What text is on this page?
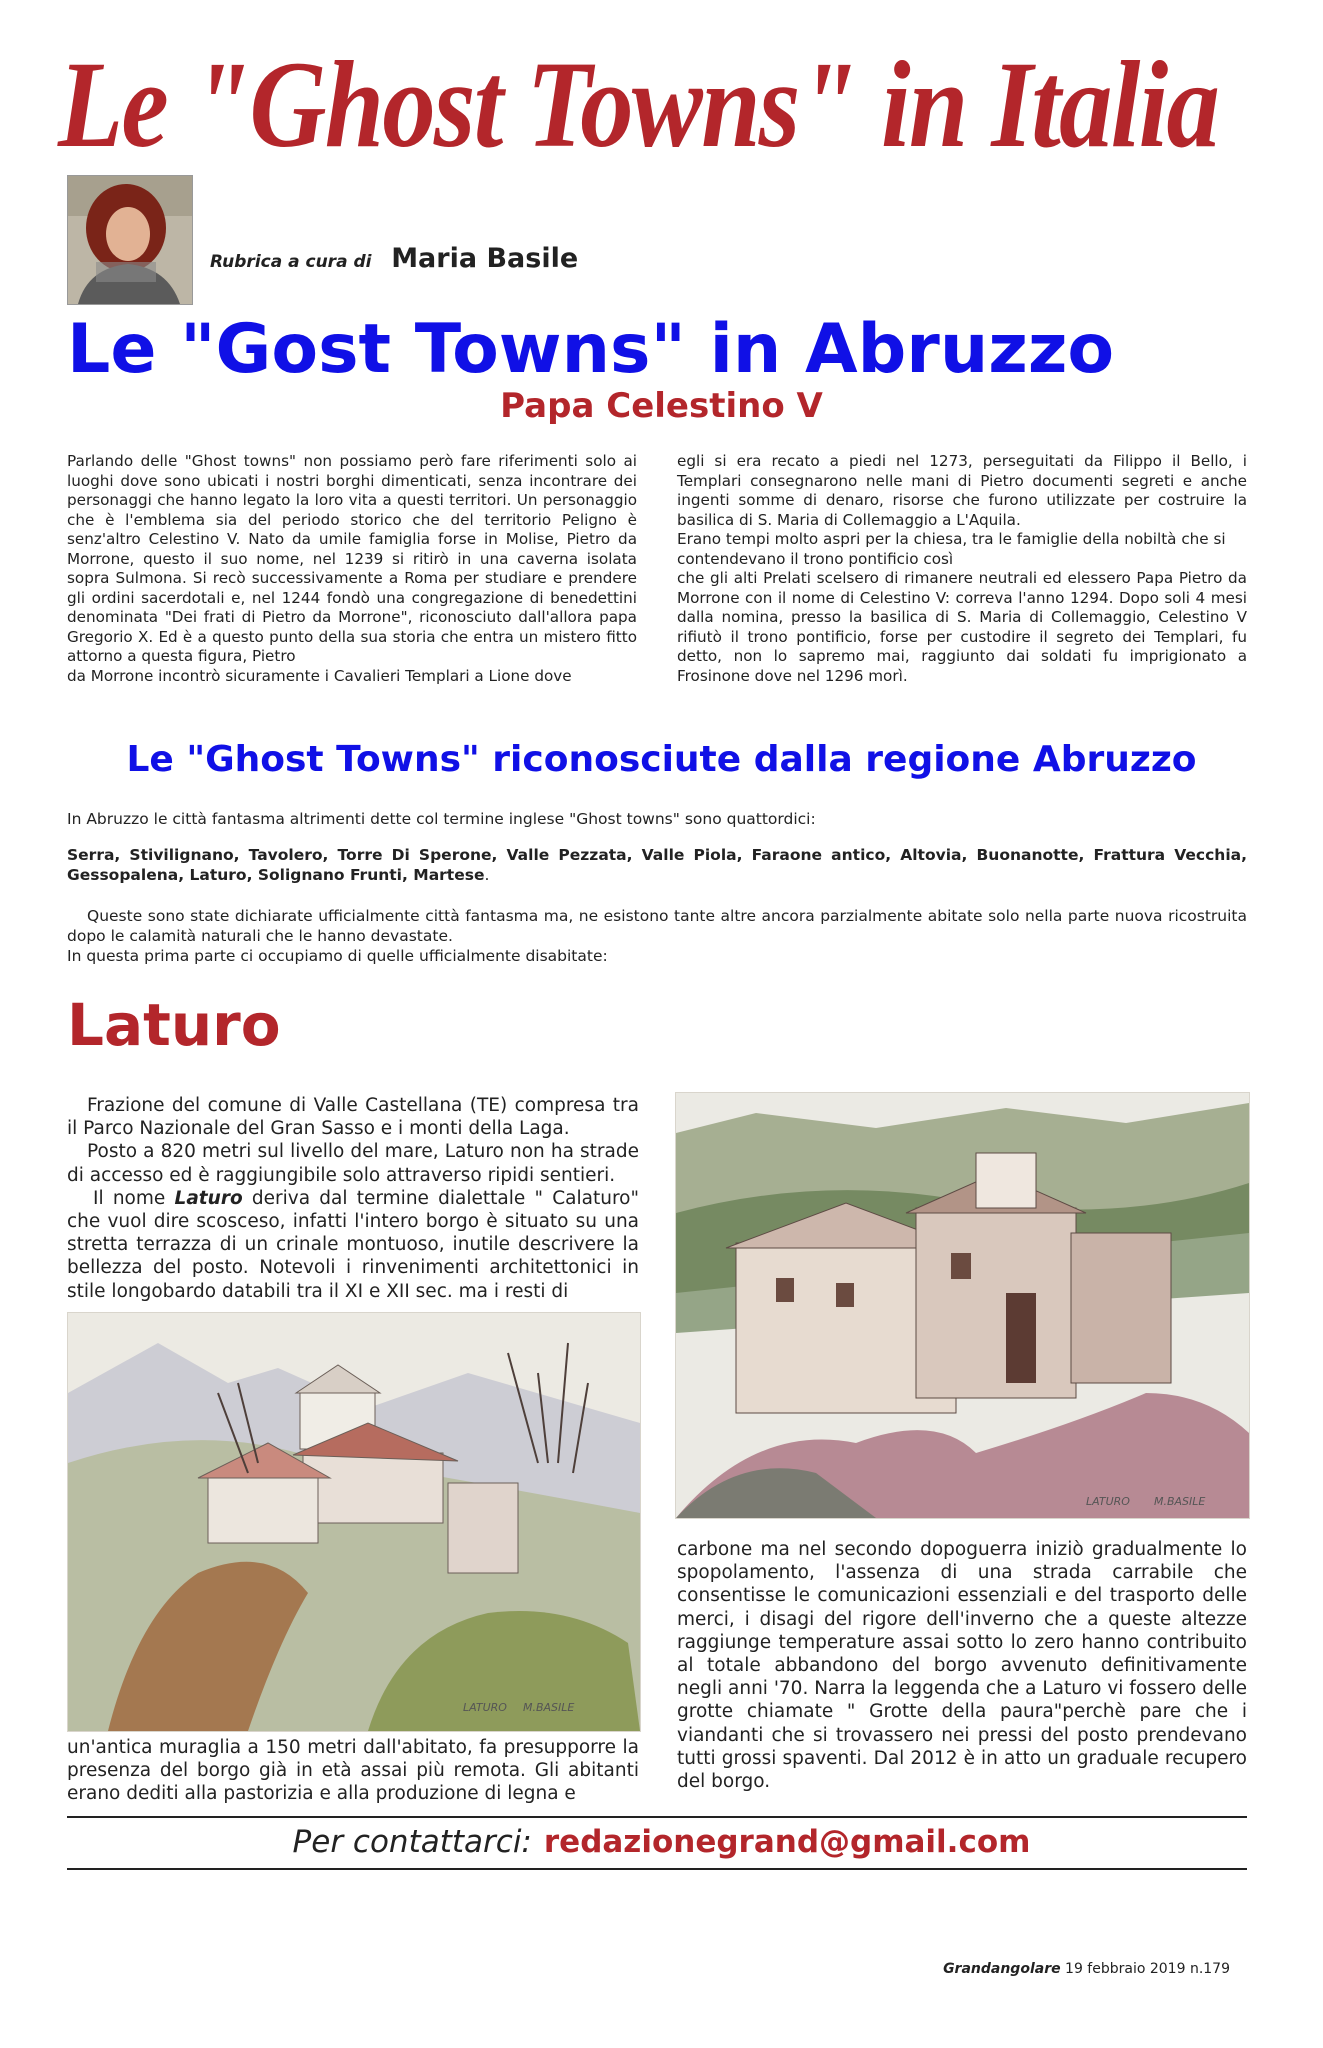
Le "Ghost Towns" in Italia
Rubrica a cura di Maria Basile
Le "Gost Towns" in Abruzzo
Papa Celestino V

Parlando delle "Ghost towns" non possiamo però fare riferimenti solo ai luoghi dove sono ubicati i nostri borghi dimenticati, senza incontrare dei personaggi che hanno legato la loro vita a questi territori. Un personaggio che è l'emblema sia del periodo storico che del territorio Peligno è senz'altro Celestino V. Nato da umile famiglia forse in Molise, Pietro da Morrone, questo il suo nome, nel 1239 si ritirò in una caverna isolata sopra Sulmona. Si recò successivamente a Roma per studiare e prendere gli ordini sacerdotali e, nel 1244 fondò una congregazione di benedettini denominata "Dei frati di Pietro da Morrone", riconosciuto dall'allora papa Gregorio X. Ed è a questo punto della sua storia che entra un mistero fitto attorno a questa figura, Pietro

da Morrone incontrò sicuramente i Cavalieri Templari a Lione dove

egli si era recato a piedi nel 1273, perseguitati da Filippo il Bello, i Templari consegnarono nelle mani di Pietro documenti segreti e anche ingenti somme di denaro, risorse che furono utilizzate per costruire la basilica di S. Maria di Collemaggio a L'Aquila.

Erano tempi molto aspri per la chiesa, tra le famiglie della nobiltà che si contendevano il trono pontificio così

che gli alti Prelati scelsero di rimanere neutrali ed elessero Papa Pietro da Morrone con il nome di Celestino V: correva l'anno 1294. Dopo soli 4 mesi dalla nomina, presso la basilica di S. Maria di Collemaggio, Celestino V rifiutò il trono pontificio, forse per custodire il segreto dei Templari, fu detto, non lo sapremo mai, raggiunto dai soldati fu imprigionato a Frosinone dove nel 1296 morì.

Le "Ghost Towns" riconosciute dalla regione Abruzzo
In Abruzzo le città fantasma altrimenti dette col termine inglese "Ghost towns" sono quattordici:
Serra, Stivilignano, Tavolero, Torre Di Sperone, Valle Pezzata, Valle Piola, Faraone antico, Altovia, Buonanotte, Frattura Vecchia, Gessopalena, Laturo, Solignano Frunti, Martese.

Queste sono state dichiarate ufficialmente città fantasma ma, ne esistono tante altre ancora parzialmente abitate solo nella parte nuova ricostruita dopo le calamità naturali che le hanno devastate.

In questa prima parte ci occupiamo di quelle ufficialmente disabitate:

Laturo

Frazione del comune di Valle Castellana (TE) compresa tra il Parco Nazionale del Gran Sasso e i monti della Laga.

Posto a 820 metri sul livello del mare, Laturo non ha strade di accesso ed è raggiungibile solo attraverso ripidi sentieri.

Il nome Laturo deriva dal termine dialettale " Calaturo" che vuol dire scosceso, infatti l'intero borgo è situato su una stretta terrazza di un crinale montuoso, inutile descrivere la bellezza del posto. Notevoli i rinvenimenti architettonici in stile longobardo databili tra il XI e XII sec. ma i resti di

LATURO M.BASILE

un'antica muraglia a 150 metri dall'abitato, fa presupporre la presenza del borgo già in età assai più remota. Gli abitanti erano dediti alla pastorizia e alla produzione di legna e

LATURO M.BASILE

carbone ma nel secondo dopoguerra iniziò gradualmente lo spopolamento, l'assenza di una strada carrabile che consentisse le comunicazioni essenziali e del trasporto delle merci, i disagi del rigore dell'inverno che a queste altezze raggiunge temperature assai sotto lo zero hanno contribuito al totale abbandono del borgo avvenuto definitivamente negli anni '70. Narra la leggenda che a Laturo vi fossero delle grotte chiamate " Grotte della paura"perchè pare che i viandanti che si trovassero nei pressi del posto prendevano tutti grossi spaventi. Dal 2012 è in atto un graduale recupero del borgo.

Per contattarci: redazionegrand@gmail.com
Grandangolare 19 febbraio 2019 n.179
